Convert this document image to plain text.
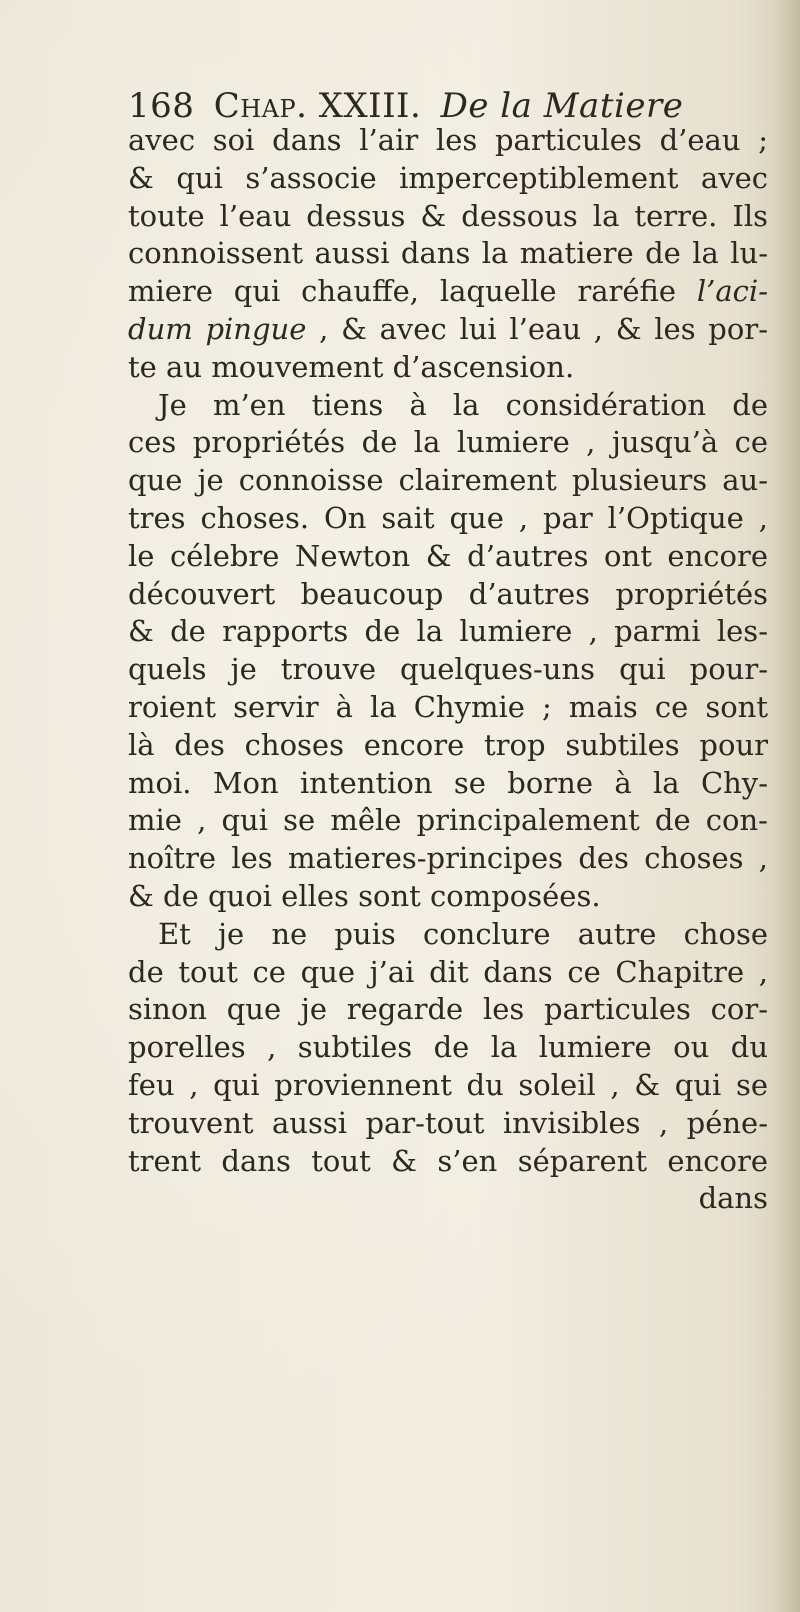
168 Chap. XXIII. De la Matiere
avec soi dans l’air les particules d’eau ;
& qui s’associe imperceptiblement avec
toute l’eau dessus & dessous la terre. Ils
connoissent aussi dans la matiere de la lu-
miere qui chauffe, laquelle raréfie l’aci-
dum pingue , & avec lui l’eau , & les por-
te au mouvement d’ascension.
Je m’en tiens à la considération de
ces propriétés de la lumiere , jusqu’à ce
que je connoisse clairement plusieurs au-
tres choses. On sait que , par l’Optique ,
le célebre Newton & d’autres ont encore
découvert beaucoup d’autres propriétés
& de rapports de la lumiere , parmi les-
quels je trouve quelques-uns qui pour-
roient servir à la Chymie ; mais ce sont
là des choses encore trop subtiles pour
moi. Mon intention se borne à la Chy-
mie , qui se mêle principalement de con-
noître les matieres-principes des choses ,
& de quoi elles sont composées.
Et je ne puis conclure autre chose
de tout ce que j’ai dit dans ce Chapitre ,
sinon que je regarde les particules cor-
porelles , subtiles de la lumiere ou du
feu , qui proviennent du soleil , & qui se
trouvent aussi par-tout invisibles , péne-
trent dans tout & s’en séparent encore
dans
